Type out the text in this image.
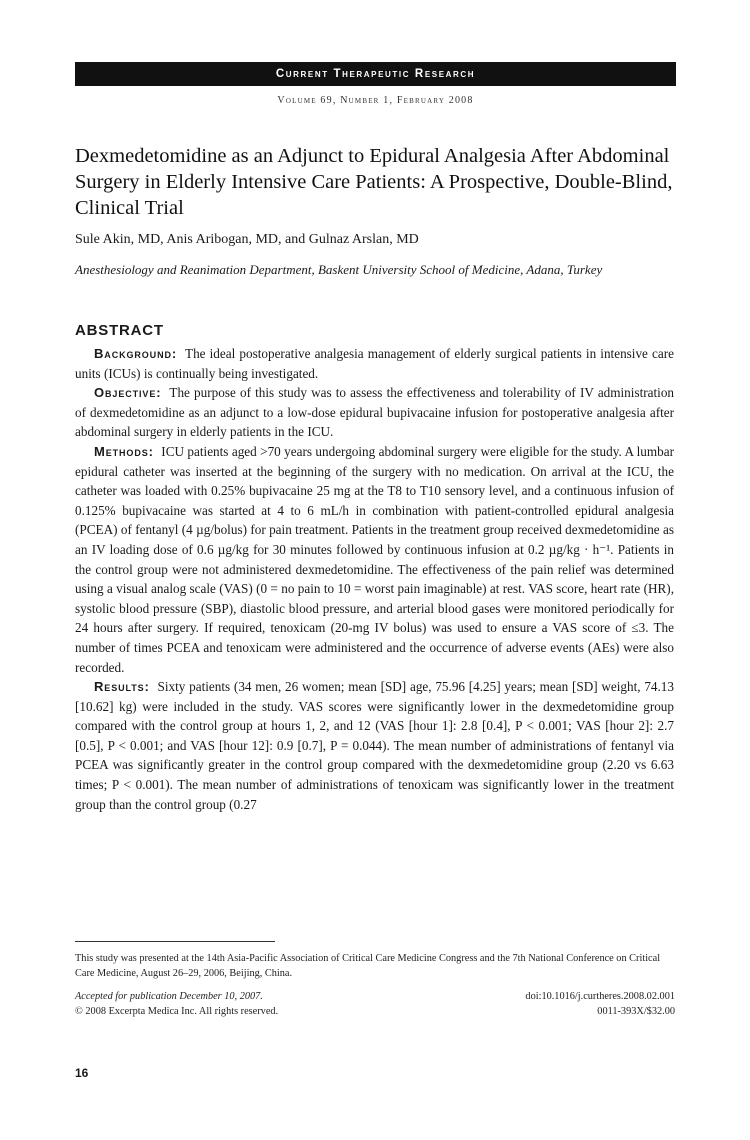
Current Therapeutic Research
Volume 69, Number 1, February 2008
Dexmedetomidine as an Adjunct to Epidural Analgesia After Abdominal Surgery in Elderly Intensive Care Patients: A Prospective, Double-Blind, Clinical Trial
Sule Akin, MD, Anis Aribogan, MD, and Gulnaz Arslan, MD
Anesthesiology and Reanimation Department, Baskent University School of Medicine, Adana, Turkey
ABSTRACT

Background: The ideal postoperative analgesia management of elderly surgical patients in intensive care units (ICUs) is continually being investigated.

Objective: The purpose of this study was to assess the effectiveness and tolerability of IV administration of dexmedetomidine as an adjunct to a low-dose epidural bupivacaine infusion for postoperative analgesia after abdominal surgery in elderly patients in the ICU.

Methods: ICU patients aged >70 years undergoing abdominal surgery were eligible for the study. A lumbar epidural catheter was inserted at the beginning of the surgery with no medication. On arrival at the ICU, the catheter was loaded with 0.25% bupivacaine 25 mg at the T8 to T10 sensory level, and a continuous infusion of 0.125% bupivacaine was started at 4 to 6 mL/h in combination with patient-controlled epidural analgesia (PCEA) of fentanyl (4 µg/bolus) for pain treatment. Patients in the treatment group received dexmedetomidine as an IV loading dose of 0.6 µg/kg for 30 minutes followed by continuous infusion at 0.2 µg/kg · h⁻¹. Patients in the control group were not administered dexmedetomidine. The effectiveness of the pain relief was determined using a visual analog scale (VAS) (0 = no pain to 10 = worst pain imaginable) at rest. VAS score, heart rate (HR), systolic blood pressure (SBP), diastolic blood pressure, and arterial blood gases were monitored periodically for 24 hours after surgery. If required, tenoxicam (20-mg IV bolus) was used to ensure a VAS score of ≤3. The number of times PCEA and tenoxicam were administered and the occurrence of adverse events (AEs) were also recorded.

Results: Sixty patients (34 men, 26 women; mean [SD] age, 75.96 [4.25] years; mean [SD] weight, 74.13 [10.62] kg) were included in the study. VAS scores were significantly lower in the dexmedetomidine group compared with the control group at hours 1, 2, and 12 (VAS [hour 1]: 2.8 [0.4], P < 0.001; VAS [hour 2]: 2.7 [0.5], P < 0.001; and VAS [hour 12]: 0.9 [0.7], P = 0.044). The mean number of administrations of fentanyl via PCEA was significantly greater in the control group compared with the dexmedetomidine group (2.20 vs 6.63 times; P < 0.001). The mean number of administrations of tenoxicam was significantly lower in the treatment group than the control group (0.27

This study was presented at the 14th Asia-Pacific Association of Critical Care Medicine Congress and the 7th National Conference on Critical Care Medicine, August 26–29, 2006, Beijing, China.
Accepted for publication December 10, 2007.	doi:10.1016/j.curtheres.2008.02.001
© 2008 Excerpta Medica Inc. All rights reserved.	0011-393X/$32.00
16
